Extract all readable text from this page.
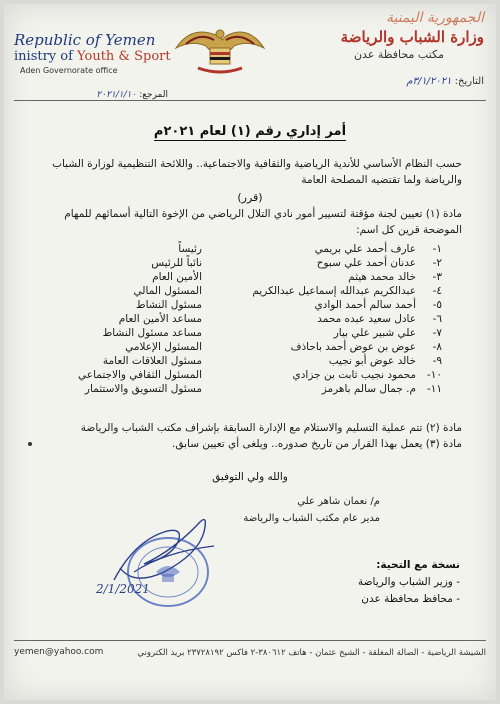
Republic of Yemen
inistry of Youth & Sport
Aden Governorate office
المرجع: ٢٠٢١/١/١٠
الجمهورية اليمنية
وزارة الشباب والرياضة
مكتب محافظة عدن
التاريخ: ٣/١/٢٠٢١م
أمر إداري رقم (١) لعام ٢٠٢١م
حسب النظام الأساسي للأندية الرياضية والثقافية والاجتماعية.. واللائحة التنظيمية لوزارة الشباب والرياضة ولما تقتضيه المصلحة العامة
(قرر)
مادة (١) تعيين لجنة مؤقتة لتسيير أمور نادي التلال الرياضي من الإخوة التالية أسمائهم للمهام الموضحة قرين كل اسم:
١-
عارف أحمد علي بريمي
رئيساً
٢-
عدنان أحمد علي سبوح
نائباً للرئيس
٣-
خالد محمد هيثم
الأمين العام
٤-
عبدالكريم عبدالله إسماعيل عبدالكريم
المسئول المالي
٥-
أحمد سالم أحمد الوادي
مسئول النشاط
٦-
عادل سعيد عبده محمد
مساعد الأمين العام
٧-
علي شبير علي بيار
مساعد مسئول النشاط
٨-
عوض بن عوض أحمد باحاذف
المسئول الإعلامي
٩-
خالد عوض أبو نجيب
مسئول العلاقات العامة
١٠-
محمود نجيب ثابت بن جزادي
المسئول الثقافي والاجتماعي
١١-
م. جمال سالم باهرمز
مسئول التسويق والاستثمار
مادة (٢) تتم عملية التسليم والاستلام مع الإدارة السابقة بإشراف مكتب الشباب والرياضة
مادة (٣) يعمل بهذا القرار من تاريخ صدوره.. ويلغى أي تعيين سابق.
والله ولي التوفيق
م/ نعمان شاهر علي
مدير عام مكتب الشباب والرياضة
2/1/2021
نسخة مع التحية:
- وزير الشباب والرياضة
- محافظ محافظة عدن
الشيشة الرياضية - الصالة المغلقة - الشيخ عثمان - هاتف ٣٨٠٦١٢-٢ فاكس ٢٣٧٢٨١٩٢ بريد الكتروني
yemen@yahoo.com
